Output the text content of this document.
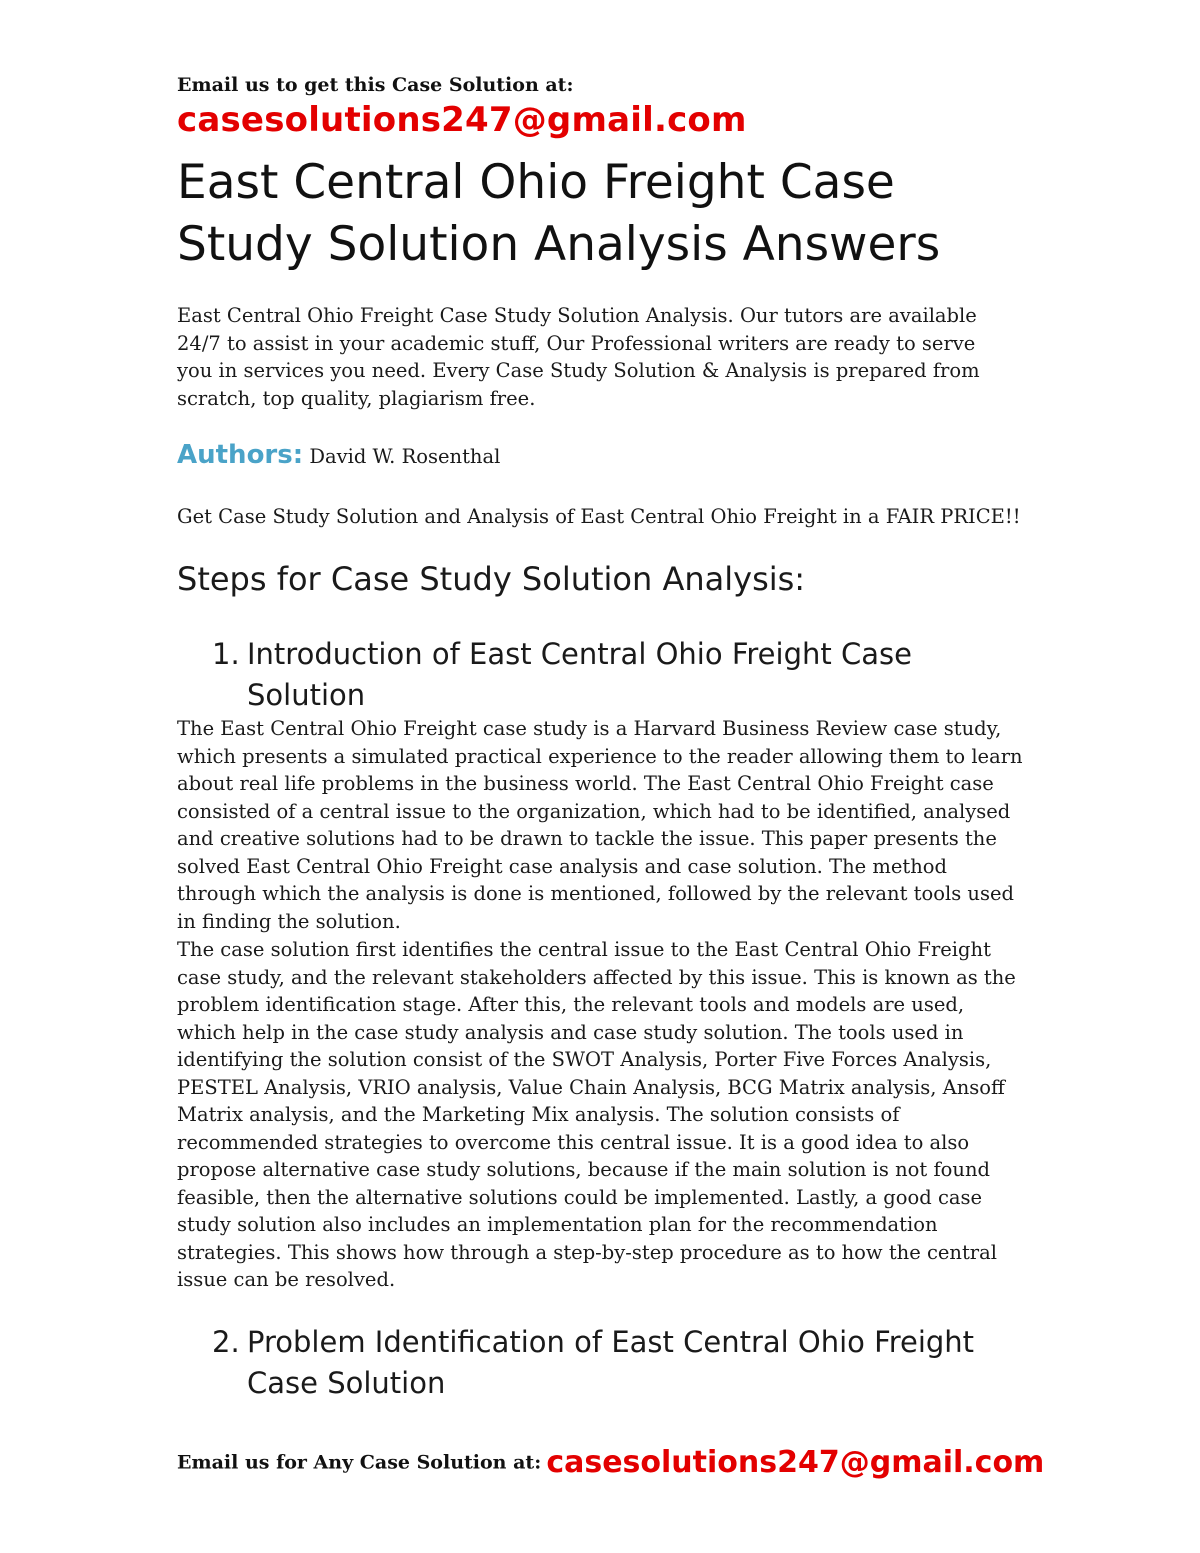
Email us to get this Case Solution at:
casesolutions247@gmail.com
East Central Ohio Freight Case Study Solution Analysis Answers

East Central Ohio Freight Case Study Solution Analysis. Our tutors are available 24/7 to assist in your academic stuff, Our Professional writers are ready to serve you in services you need. Every Case Study Solution & Analysis is prepared from scratch, top quality, plagiarism free.

Authors: David W. Rosenthal

Get Case Study Solution and Analysis of East Central Ohio Freight in a FAIR PRICE!!

Steps for Case Study Solution Analysis:
1. Introduction of East Central Ohio Freight Case Solution

The East Central Ohio Freight case study is a Harvard Business Review case study, which presents a simulated practical experience to the reader allowing them to learn about real life problems in the business world. The East Central Ohio Freight case consisted of a central issue to the organization, which had to be identified, analysed and creative solutions had to be drawn to tackle the issue. This paper presents the solved East Central Ohio Freight case analysis and case solution. The method through which the analysis is done is mentioned, followed by the relevant tools used in finding the solution.

The case solution first identifies the central issue to the East Central Ohio Freight case study, and the relevant stakeholders affected by this issue. This is known as the problem identification stage. After this, the relevant tools and models are used, which help in the case study analysis and case study solution. The tools used in identifying the solution consist of the SWOT Analysis, Porter Five Forces Analysis, PESTEL Analysis, VRIO analysis, Value Chain Analysis, BCG Matrix analysis, Ansoff Matrix analysis, and the Marketing Mix analysis. The solution consists of recommended strategies to overcome this central issue. It is a good idea to also propose alternative case study solutions, because if the main solution is not found feasible, then the alternative solutions could be implemented. Lastly, a good case study solution also includes an implementation plan for the recommendation strategies. This shows how through a step-by-step procedure as to how the central issue can be resolved.

2. Problem Identification of East Central Ohio Freight Case Solution
Email us for Any Case Solution at: casesolutions247@gmail.com
